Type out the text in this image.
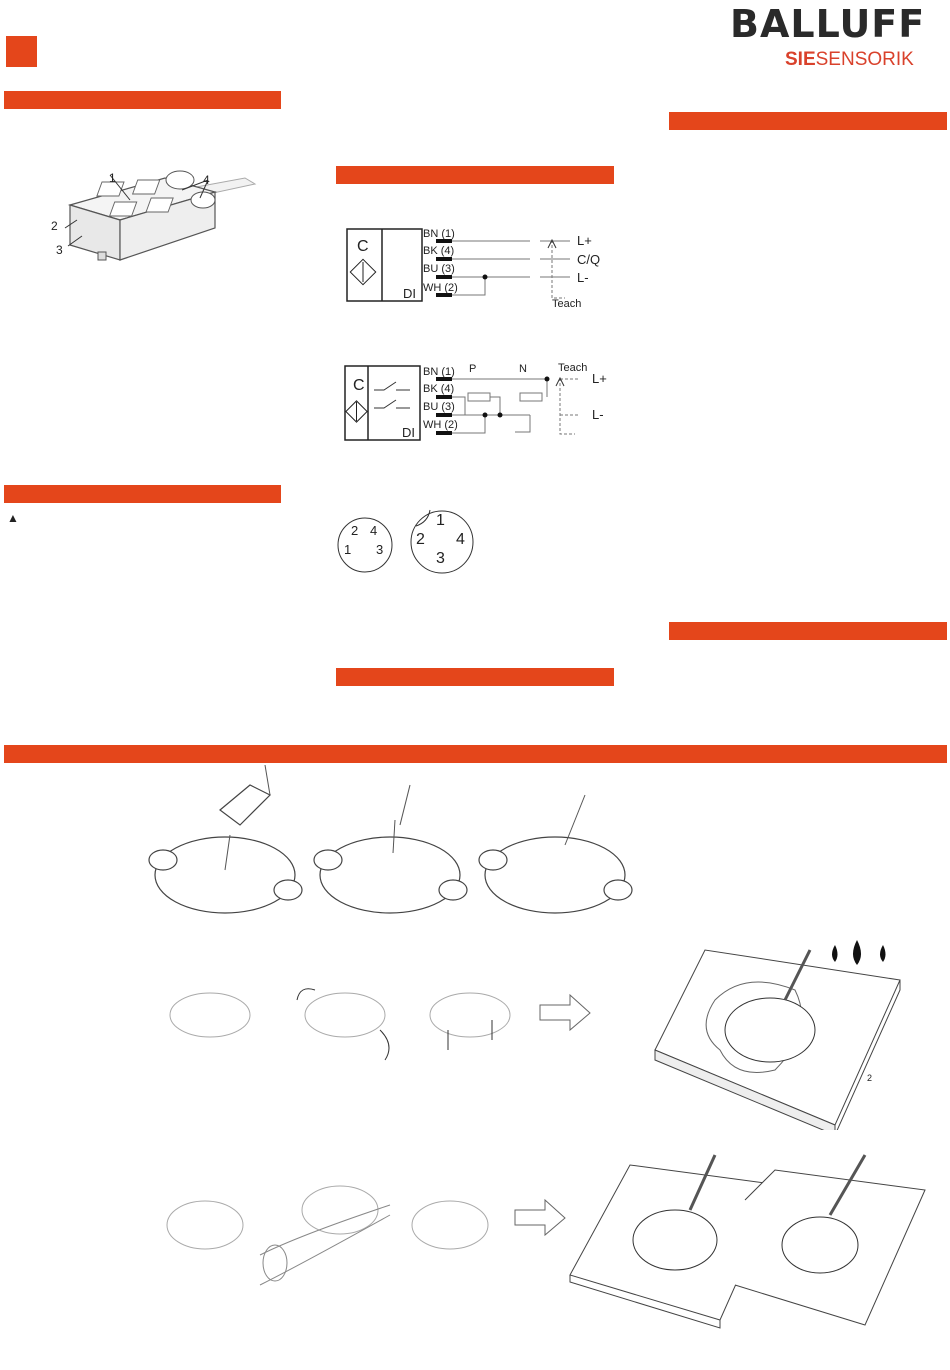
BALLUFF
SIESENSORIK
▲
1
2
3
4
BN (1)
BK (4)
BU (3)
WH (2)
C
DI
L+
C/Q
L-
Teach
BN (1)
BK (4)
BU (3)
WH (2)
C
DI
P	N	Teach
L+
L-
2 4
1 3
1
2 4
3
2
